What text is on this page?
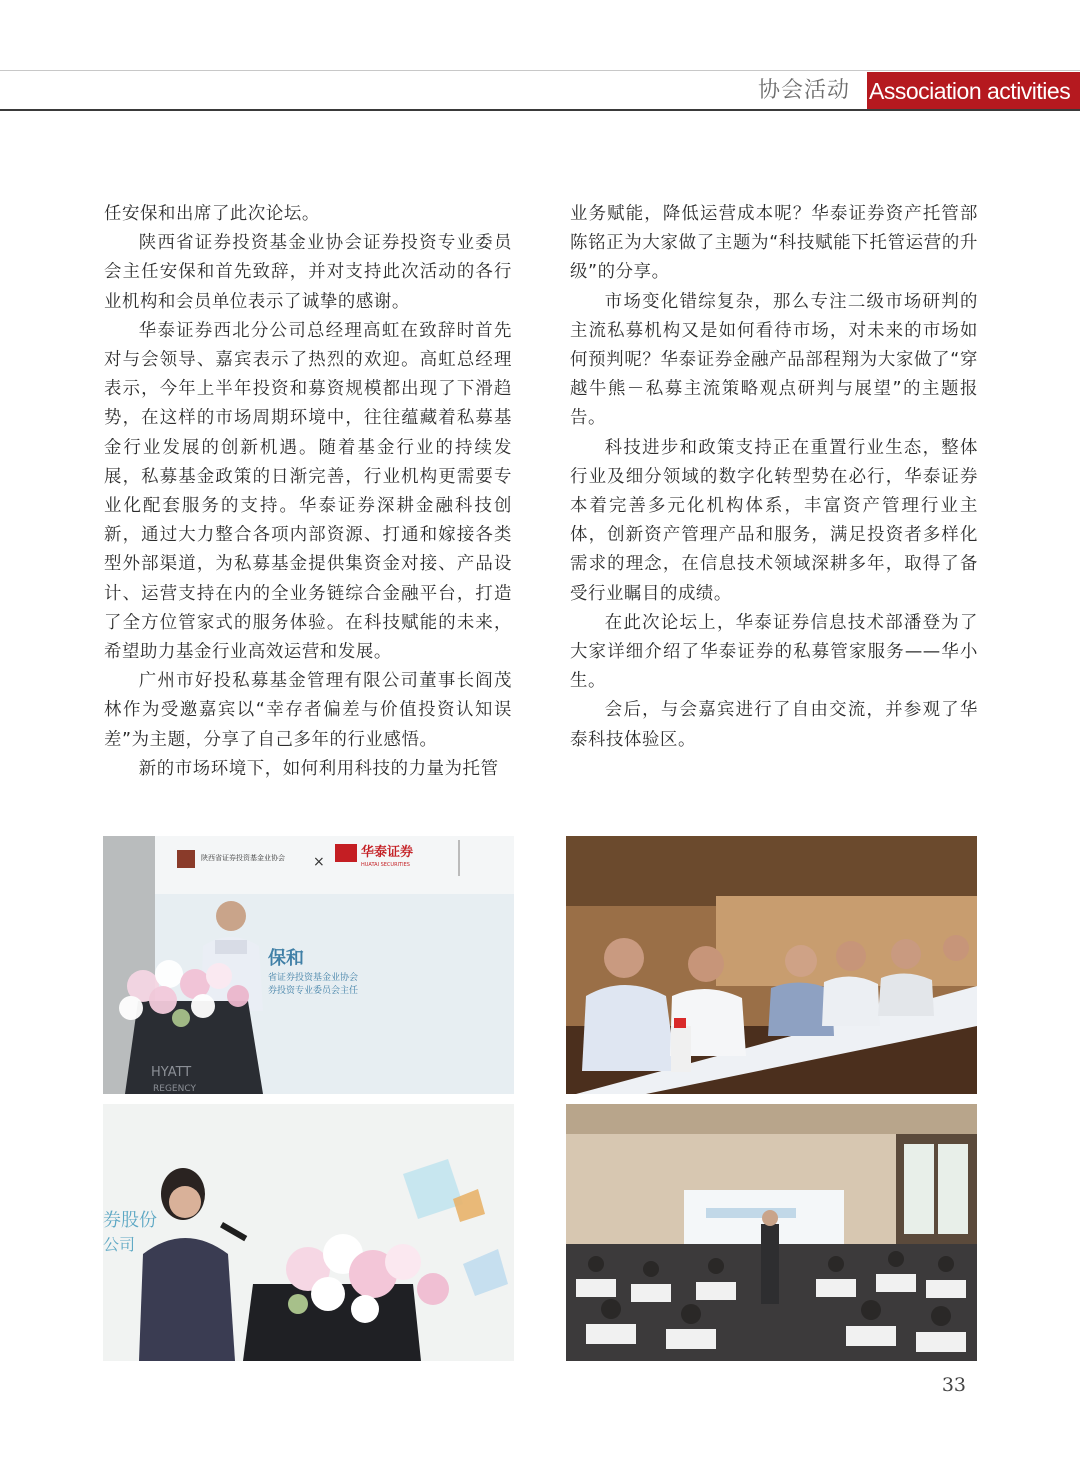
协会活动 Association activities

任安保和出席了此次论坛。

陕西省证券投资基金业协会证券投资专业委员会主任安保和首先致辞，并对支持此次活动的各行业机构和会员单位表示了诚挚的感谢。

华泰证券西北分公司总经理高虹在致辞时首先对与会领导、嘉宾表示了热烈的欢迎。高虹总经理表示，今年上半年投资和募资规模都出现了下滑趋势，在这样的市场周期环境中，往往蕴藏着私募基金行业发展的创新机遇。随着基金行业的持续发展，私募基金政策的日渐完善，行业机构更需要专业化配套服务的支持。华泰证券深耕金融科技创新，通过大力整合各项内部资源、打通和嫁接各类型外部渠道，为私募基金提供集资金对接、产品设计、运营支持在内的全业务链综合金融平台，打造了全方位管家式的服务体验。在科技赋能的未来，希望助力基金行业高效运营和发展。

广州市好投私募基金管理有限公司董事长阎茂林作为受邀嘉宾以“幸存者偏差与价值投资认知误差”为主题，分享了自己多年的行业感悟。

新的市场环境下，如何利用科技的力量为托管

业务赋能，降低运营成本呢？华泰证券资产托管部陈铭正为大家做了主题为“科技赋能下托管运营的升级”的分享。

市场变化错综复杂，那么专注二级市场研判的主流私募机构又是如何看待市场，对未来的市场如何预判呢？华泰证券金融产品部程翔为大家做了“穿越牛熊－私募主流策略观点研判与展望”的主题报告。

科技进步和政策支持正在重置行业生态，整体行业及细分领域的数字化转型势在必行，华泰证券本着完善多元化机构体系，丰富资产管理行业主体，创新资产管理产品和服务，满足投资者多样化需求的理念，在信息技术领域深耕多年，取得了备受行业瞩目的成绩。

在此次论坛上，华泰证券信息技术部潘登为了大家详细介绍了华泰证券的私募管家服务——华小生。

会后，与会嘉宾进行了自由交流，并参观了华泰科技体验区。

陕西省证券投资基金业协会 ×
华泰证券
HUATAI SECURITIES
保和
省证券投资基金业协会
券投资专业委员会主任
HYATT
REGENCY
券股份
公司
33
